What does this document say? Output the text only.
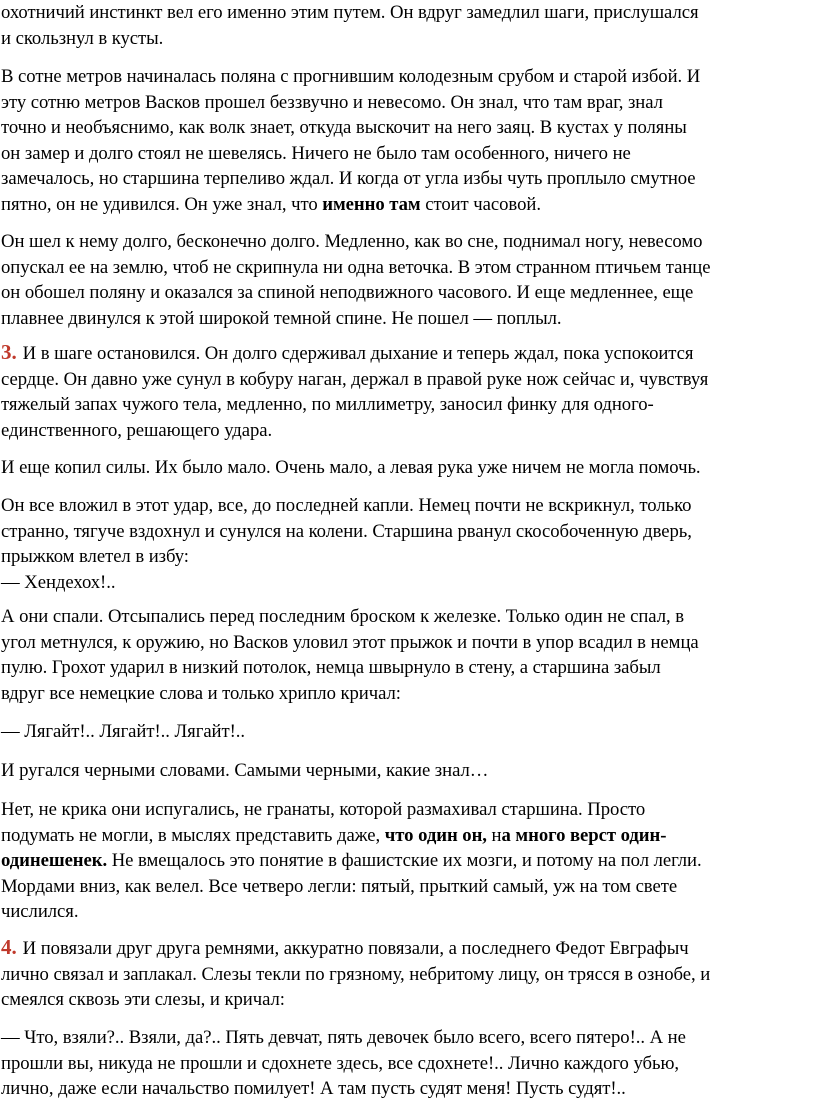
охотничий инстинкт вел его именно этим путем. Он вдруг замедлил шаги, прислушался
и скользнул в кусты.

В сотне метров начиналась поляна с прогнившим колодезным срубом и старой избой. И
эту сотню метров Васков прошел беззвучно и невесомо. Он знал, что там враг, знал
точно и необъяснимо, как волк знает, откуда выскочит на него заяц. В кустах у поляны
он замер и долго стоял не шевелясь. Ничего не было там особенного, ничего не
замечалось, но старшина терпеливо ждал. И когда от угла избы чуть проплыло смутное
пятно, он не удивился. Он уже знал, что именно там стоит часовой.

Он шел к нему долго, бесконечно долго. Медленно, как во сне, поднимал ногу, невесомо
опускал ее на землю, чтоб не скрипнула ни одна веточка. В этом странном птичьем танце
он обошел поляну и оказался за спиной неподвижного часового. И еще медленнее, еще
плавнее двинулся к этой широкой темной спине. Не пошел — поплыл.

3. И в шаге остановился. Он долго сдерживал дыхание и теперь ждал, пока успокоится
сердце. Он давно уже сунул в кобуру наган, держал в правой руке нож сейчас и, чувствуя
тяжелый запах чужого тела, медленно, по миллиметру, заносил финку для одного-
единственного, решающего удара.

И еще копил силы. Их было мало. Очень мало, а левая рука уже ничем не могла помочь.

Он все вложил в этот удар, все, до последней капли. Немец почти не вскрикнул, только
странно, тягуче вздохнул и сунулся на колени. Старшина рванул скособоченную дверь,
прыжком влетел в избу:
— Хендехох!..

А они спали. Отсыпались перед последним броском к железке. Только один не спал, в
угол метнулся, к оружию, но Васков уловил этот прыжок и почти в упор всадил в немца
пулю. Грохот ударил в низкий потолок, немца швырнуло в стену, а старшина забыл
вдруг все немецкие слова и только хрипло кричал:

— Лягайт!.. Лягайт!.. Лягайт!..

И ругался черными словами. Самыми черными, какие знал…

Нет, не крика они испугались, не гранаты, которой размахивал старшина. Просто
подумать не могли, в мыслях представить даже, что один он, на много верст один-
одинешенек. Не вмещалось это понятие в фашистские их мозги, и потому на пол легли.
Мордами вниз, как велел. Все четверо легли: пятый, прыткий самый, уж на том свете
числился.

4. И повязали друг друга ремнями, аккуратно повязали, а последнего Федот Евграфыч
лично связал и заплакал. Слезы текли по грязному, небритому лицу, он трясся в ознобе, и
смеялся сквозь эти слезы, и кричал:

— Что, взяли?.. Взяли, да?.. Пять девчат, пять девочек было всего, всего пятеро!.. А не
прошли вы, никуда не прошли и сдохнете здесь, все сдохнете!.. Лично каждого убью,
лично, даже если начальство помилует! А там пусть судят меня! Пусть судят!..
